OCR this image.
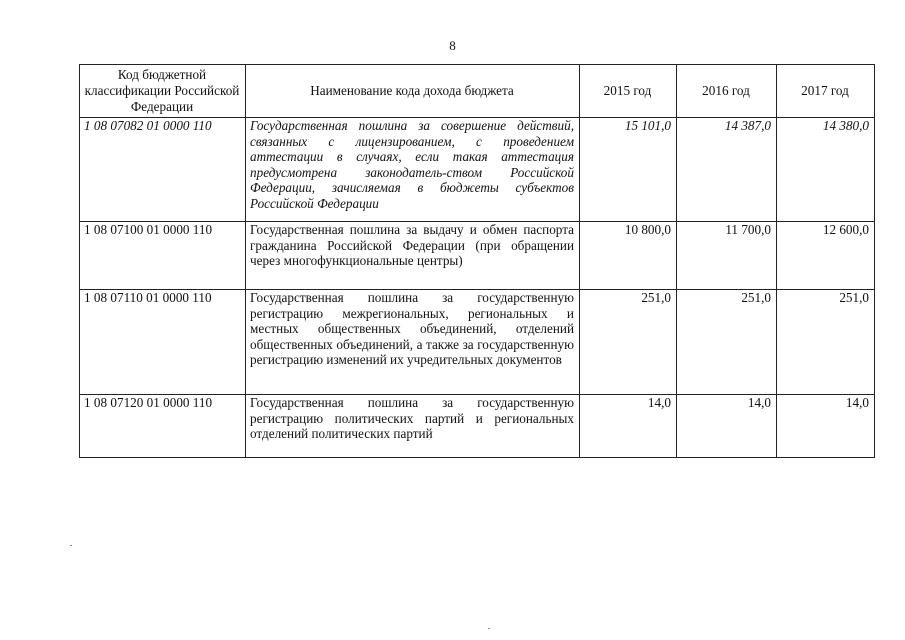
8
Код бюджетной классификации Российской Федерации	Наименование кода дохода бюджета	2015 год	2016 год	2017 год
1 08 07082 01 0000 110	Государственная пошлина за совершение действий, связанных с лицензированием, с проведением аттестации в случаях, если такая аттестация предусмотрена законодатель-ством Российской Федерации, зачисляемая в бюджеты субъектов Российской Федерации	15 101,0	14 387,0	14 380,0
1 08 07100 01 0000 110	Государственная пошлина за выдачу и обмен паспорта гражданина Российской Федерации (при обращении через многофункциональные центры)	10 800,0	11 700,0	12 600,0
1 08 07110 01 0000 110	Государственная пошлина за государственную регистрацию межрегиональных, региональных и местных общественных объединений, отделений общественных объединений, а также за государственную регистрацию изменений их учредительных документов	251,0	251,0	251,0
1 08 07120 01 0000 110	Государственная пошлина за государственную регистрацию политических партий и региональных отделений политических партий	14,0	14,0	14,0
